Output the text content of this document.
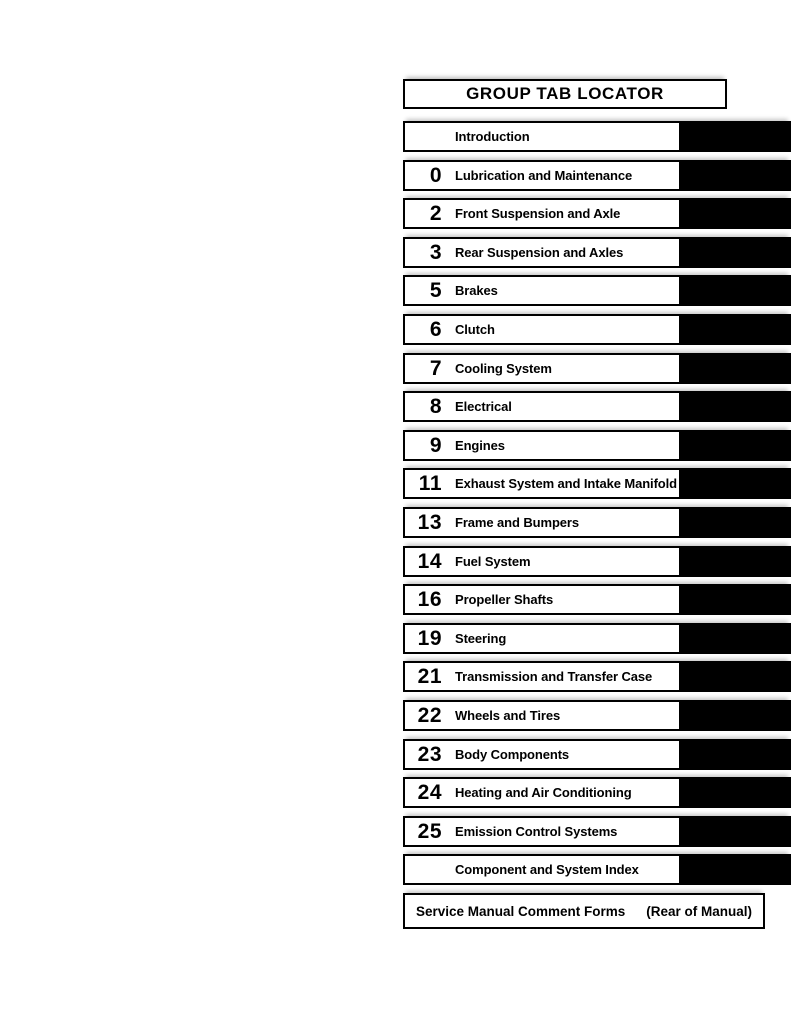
GROUP TAB LOCATOR
Introduction
0 Lubrication and Maintenance
2 Front Suspension and Axle
3 Rear Suspension and Axles
5 Brakes
6 Clutch
7 Cooling System
8 Electrical
9 Engines
11 Exhaust System and Intake Manifold
13 Frame and Bumpers
14 Fuel System
16 Propeller Shafts
19 Steering
21 Transmission and Transfer Case
22 Wheels and Tires
23 Body Components
24 Heating and Air Conditioning
25 Emission Control Systems
Component and System Index
Service Manual Comment Forms (Rear of Manual)
